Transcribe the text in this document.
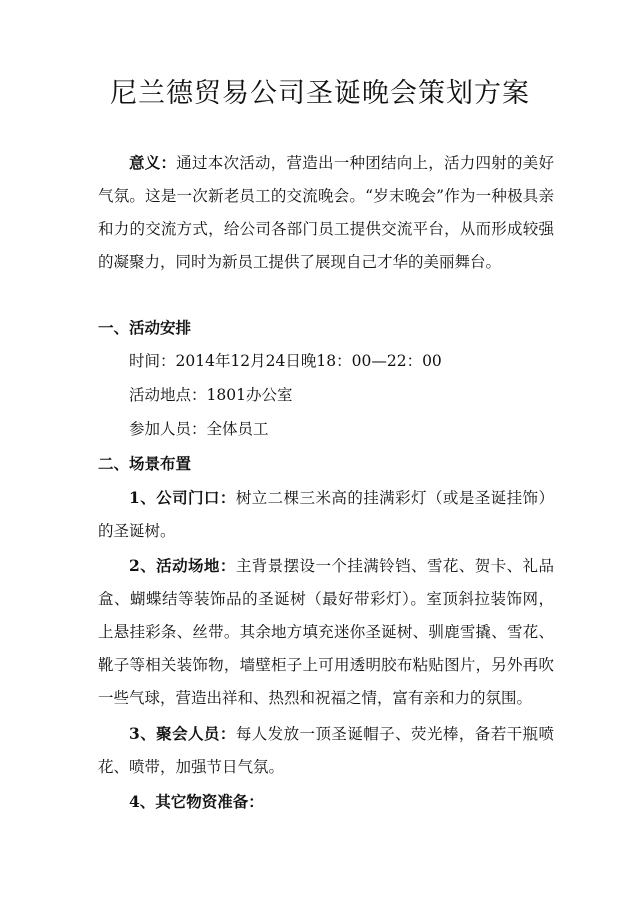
尼兰德贸易公司圣诞晚会策划方案
意义：通过本次活动，营造出一种团结向上，活力四射的美好气氛。这是一次新老员工的交流晚会。“岁末晚会”作为一种极具亲和力的交流方式，给公司各部门员工提供交流平台，从而形成较强的凝聚力，同时为新员工提供了展现自己才华的美丽舞台。
一、活动安排
时间：2014年12月24日晚18：00—22：00
活动地点：1801办公室
参加人员：全体员工
二、场景布置
1、公司门口：树立二棵三米高的挂满彩灯（或是圣诞挂饰）的圣诞树。
2、活动场地：主背景摆设一个挂满铃铛、雪花、贺卡、礼品盒、蝴蝶结等装饰品的圣诞树（最好带彩灯）。室顶斜拉装饰网，上悬挂彩条、丝带。其余地方填充迷你圣诞树、驯鹿雪撬、雪花、靴子等相关装饰物，墙壁柜子上可用透明胶布粘贴图片，另外再吹一些气球，营造出祥和、热烈和祝福之情，富有亲和力的氛围。
3、聚会人员：每人发放一顶圣诞帽子、荧光棒，备若干瓶喷花、喷带，加强节日气氛。
4、其它物资准备：
